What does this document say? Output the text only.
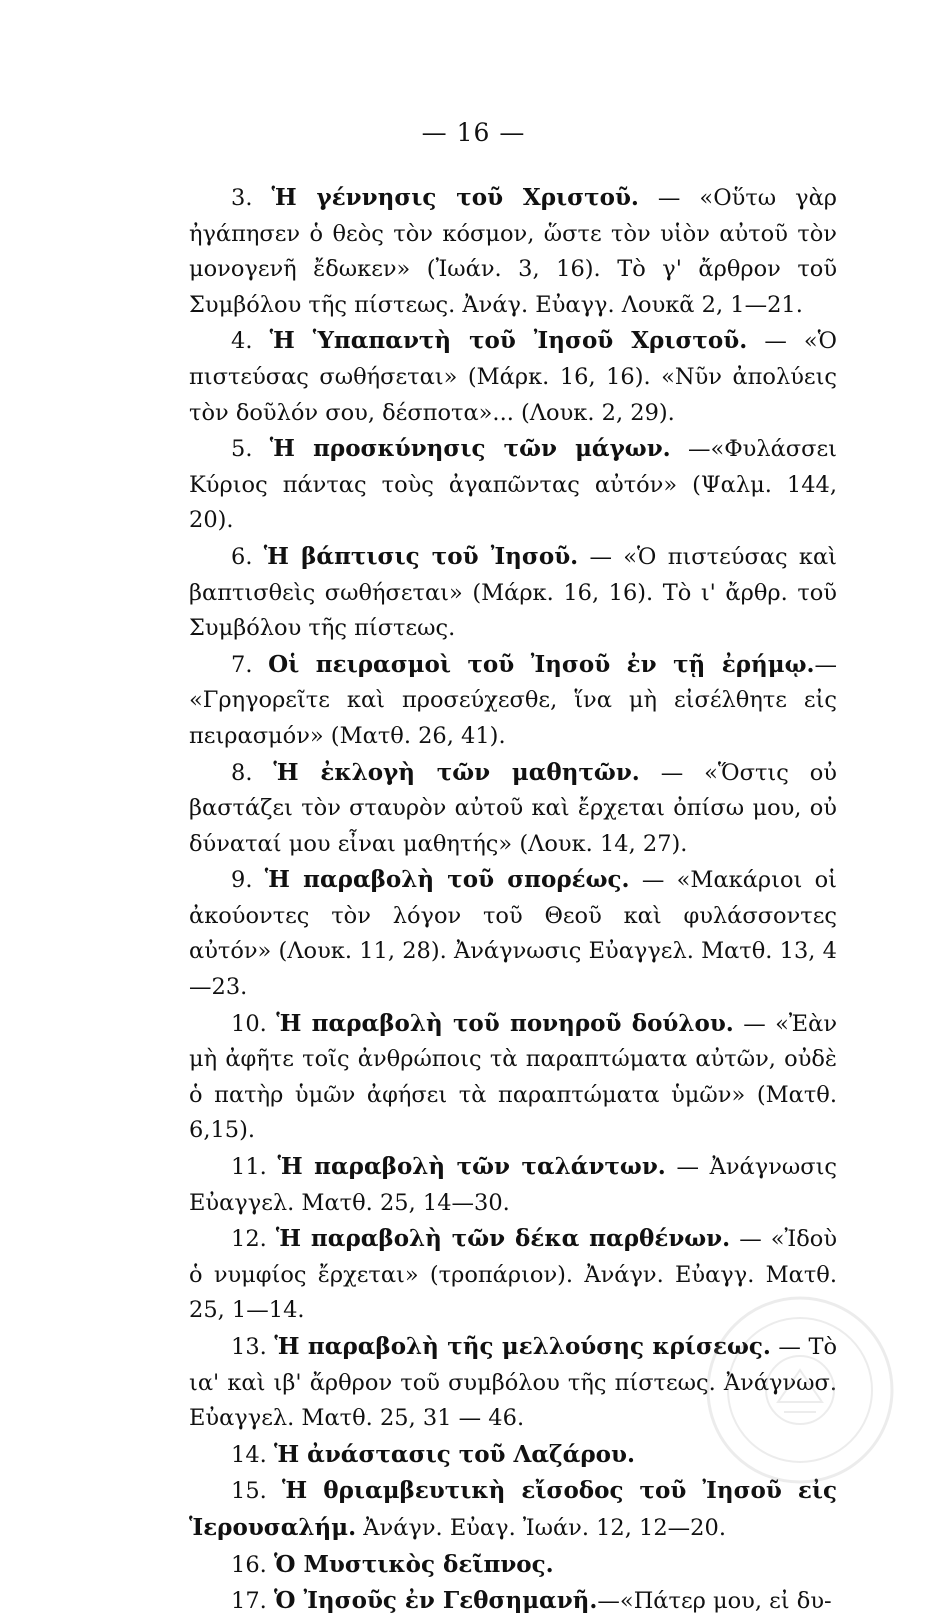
— 16 —

3. Ἡ γέννησις τοῦ Χριστοῦ. — «Οὕτω γὰρ ἠγάπησεν ὁ θεὸς τὸν κόσμον, ὥστε τὸν υἱὸν αὐτοῦ τὸν μονογενῆ ἔδωκεν» (Ἰωάν. 3, 16). Τὸ γ' ἄρθρον τοῦ Συμβόλου τῆς πίστεως. Ἀνάγ. Εὐαγγ. Λουκᾶ 2, 1—21.

4. Ἡ Ὑπαπαντὴ τοῦ Ἰησοῦ Χριστοῦ. — «Ὁ πιστεύσας σωθήσεται» (Μάρκ. 16, 16). «Νῦν ἀπολύεις τὸν δοῦλόν σου, δέσποτα»... (Λουκ. 2, 29).

5. Ἡ προσκύνησις τῶν μάγων. —«Φυλάσσει Κύριος πάντας τοὺς ἀγαπῶντας αὐτόν» (Ψαλμ. 144, 20).

6. Ἡ βάπτισις τοῦ Ἰησοῦ. — «Ὁ πιστεύσας καὶ βαπτισθεὶς σωθήσεται» (Μάρκ. 16, 16). Τὸ ι' ἄρθρ. τοῦ Συμβόλου τῆς πίστεως.

7. Οἱ πειρασμοὶ τοῦ Ἰησοῦ ἐν τῇ ἐρήμῳ.— «Γρηγορεῖτε καὶ προσεύχεσθε, ἵνα μὴ εἰσέλθητε εἰς πειρασμόν» (Ματθ. 26, 41).

8. Ἡ ἐκλογὴ τῶν μαθητῶν. — «Ὅστις οὐ βαστάζει τὸν σταυρὸν αὐτοῦ καὶ ἔρχεται ὀπίσω μου, οὐ δύναταί μου εἶναι μαθητής» (Λουκ. 14, 27).

9. Ἡ παραβολὴ τοῦ σπορέως. — «Μακάριοι οἱ ἀκούοντες τὸν λόγον τοῦ Θεοῦ καὶ φυλάσσοντες αὐτόν» (Λουκ. 11, 28). Ἀνάγνωσις Εὐαγγελ. Ματθ. 13, 4—23.

10. Ἡ παραβολὴ τοῦ πονηροῦ δούλου. — «Ἐὰν μὴ ἀφῆτε τοῖς ἀνθρώποις τὰ παραπτώματα αὐτῶν, οὐδὲ ὁ πατὴρ ὑμῶν ἀφήσει τὰ παραπτώματα ὑμῶν» (Ματθ. 6,15).

11. Ἡ παραβολὴ τῶν ταλάντων. — Ἀνάγνωσις Εὐαγγελ. Ματθ. 25, 14—30.

12. Ἡ παραβολὴ τῶν δέκα παρθένων. — «Ἰδοὺ ὁ νυμφίος ἔρχεται» (τροπάριον). Ἀνάγν. Εὐαγγ. Ματθ. 25, 1—14.

13. Ἡ παραβολὴ τῆς μελλούσης κρίσεως. — Τὸ ια' καὶ ιβ' ἄρθρον τοῦ συμβόλου τῆς πίστεως. Ἀνάγνωσ. Εὐαγγελ. Ματθ. 25, 31 — 46.

14. Ἡ ἀνάστασις τοῦ Λαζάρου.

15. Ἡ θριαμβευτικὴ εἴσοδος τοῦ Ἰησοῦ εἰς Ἱερουσαλήμ. Ἀνάγν. Εὐαγ. Ἰωάν. 12, 12—20.

16. Ὁ Μυστικὸς δεῖπνος.

17. Ὁ Ἰησοῦς ἐν Γεθσημανῆ.—«Πάτερ μου, εἰ δυ-
